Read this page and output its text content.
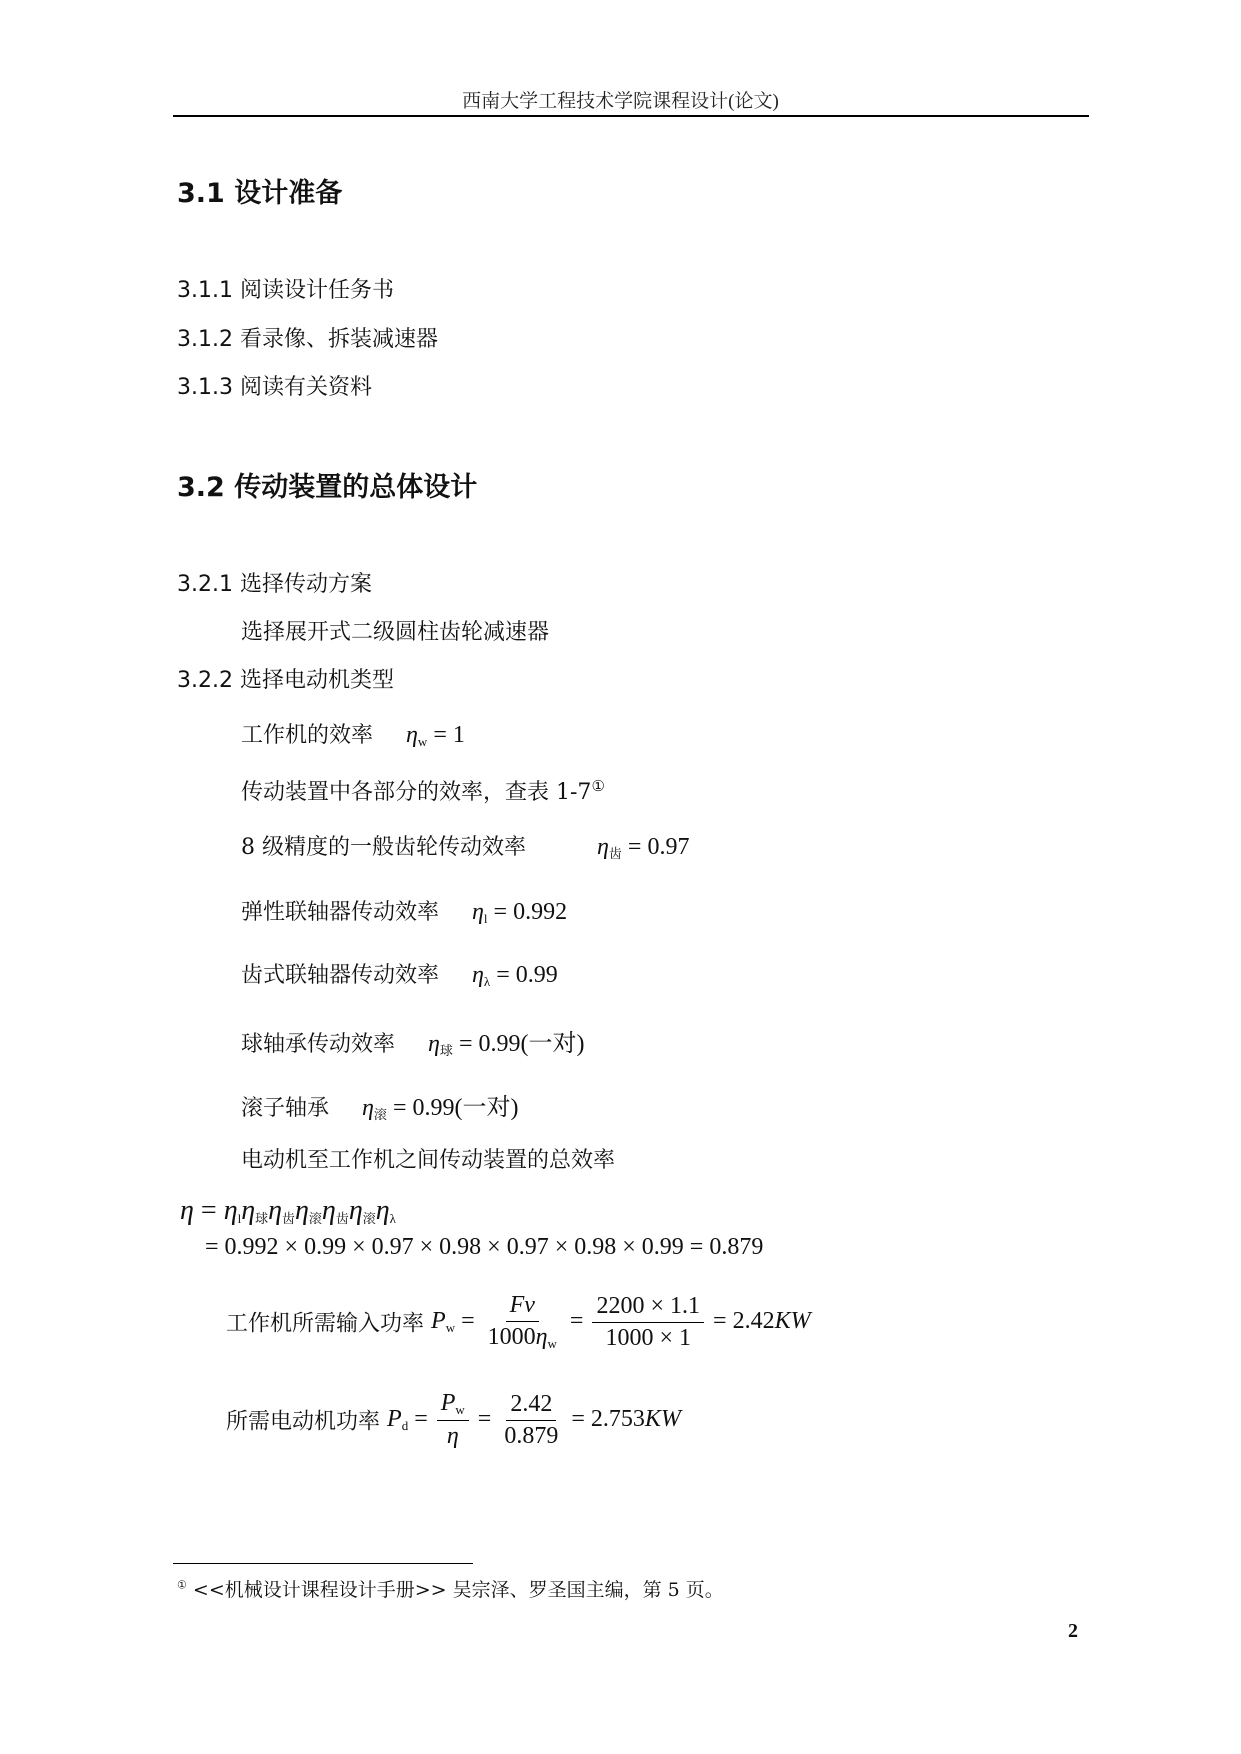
西南大学工程技术学院课程设计(论文)
3.1 设计准备
3.1.1 阅读设计任务书
3.1.2 看录像、拆装减速器
3.1.3 阅读有关资料
3.2 传动装置的总体设计
3.2.1 选择传动方案
选择展开式二级圆柱齿轮减速器
3.2.2 选择电动机类型
工作机的效率 $\eta_w = 1$
传动装置中各部分的效率，查表 1-7①
8 级精度的一般齿轮传动效率	$\eta_齿 = 0.97$
弹性联轴器传动效率 $\eta_l = 0.992$
齿式联轴器传动效率 $\eta_\lambda = 0.99$
球轴承传动效率 $\eta_球 = 0.99$(一对)
滚子轴承 $\eta_滚 = 0.99$(一对)
电动机至工作机之间传动装置的总效率
$\eta = \eta_l\eta_球\eta_齿\eta_滚\eta_齿\eta_滚\eta_\lambda$
= 0.992 × 0.99 × 0.97 × 0.98 × 0.97 × 0.98 × 0.99 = 0.879
工作机所需输入功率 $P_w = \frac{Fv}{1000\eta_w} = \frac{2200 \times 1.1}{1000 \times 1} = 2.42KW$
所需电动机功率 $P_d = \frac{P_w}{\eta} = \frac{2.42}{0.879} = 2.753KW$
① <<机械设计课程设计手册>> 吴宗泽、罗圣国主编，第 5 页。
2
